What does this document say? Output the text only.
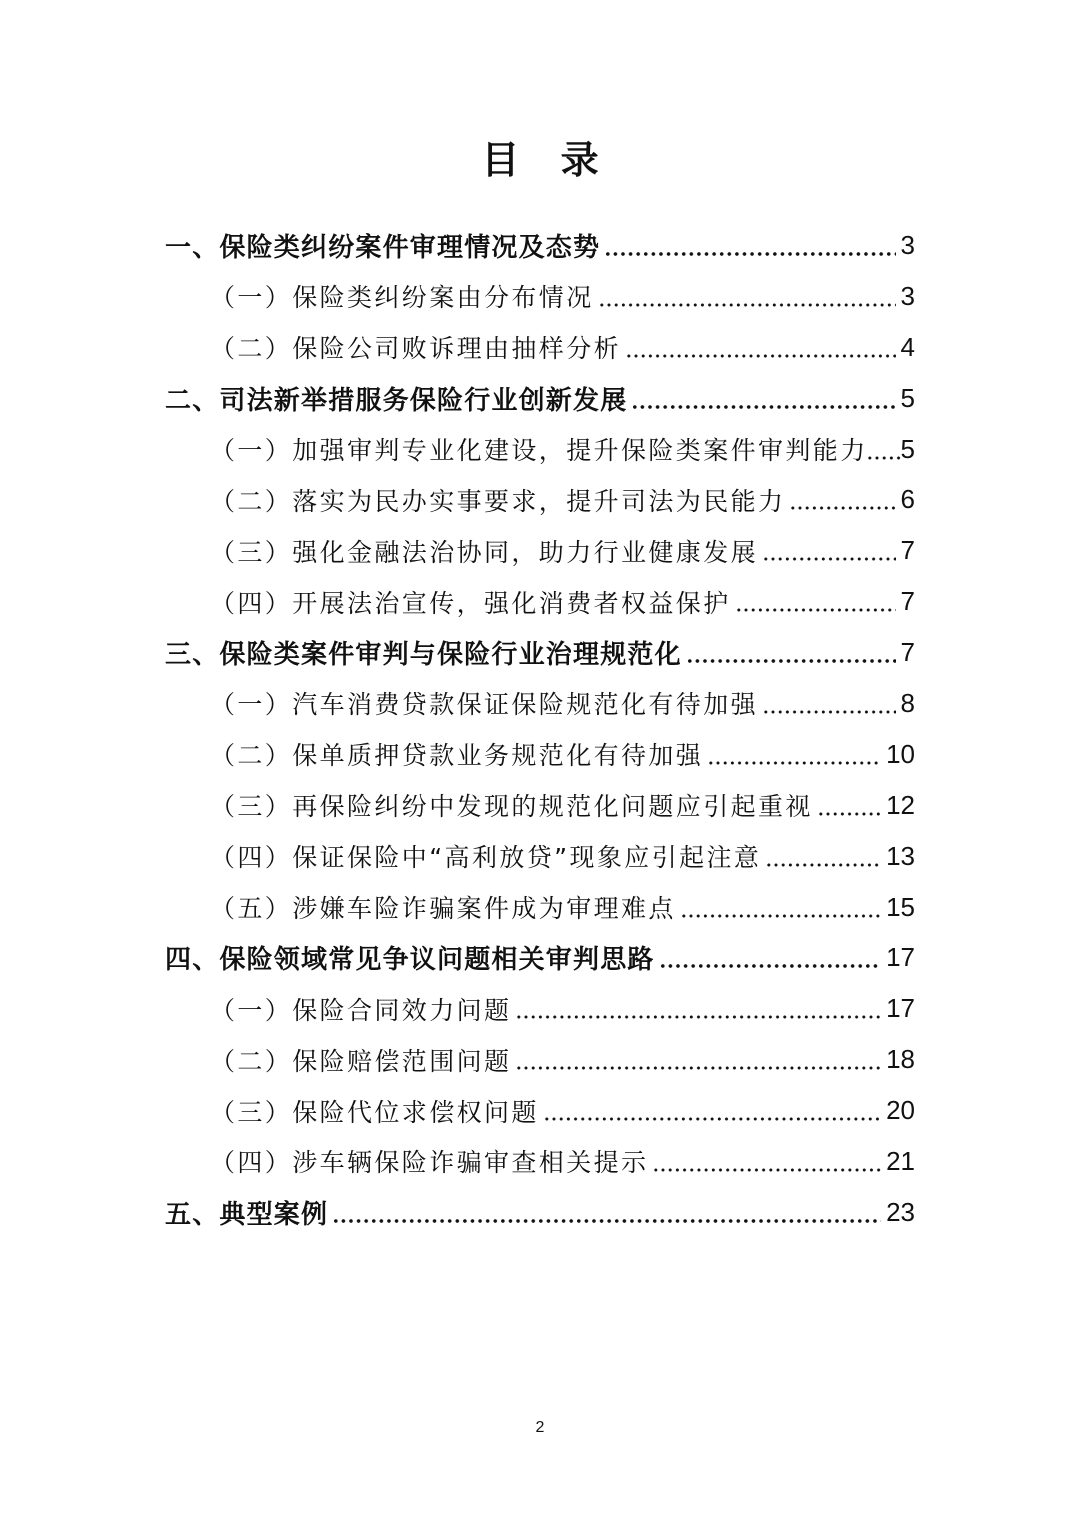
目 录
一、保险类纠纷案件审理情况及态势	3
（一）保险类纠纷案由分布情况	3
（二）保险公司败诉理由抽样分析	4
二、司法新举措服务保险行业创新发展	5
（一）加强审判专业化建设，提升保险类案件审判能力 5
（二）落实为民办实事要求，提升司法为民能力	6
（三）强化金融法治协同，助力行业健康发展	7
（四）开展法治宣传，强化消费者权益保护	7
三、保险类案件审判与保险行业治理规范化	7
（一）汽车消费贷款保证保险规范化有待加强	8
（二）保单质押贷款业务规范化有待加强	10
（三）再保险纠纷中发现的规范化问题应引起重视	12
（四）保证保险中“高利放贷”现象应引起注意	13
（五）涉嫌车险诈骗案件成为审理难点	15
四、保险领域常见争议问题相关审判思路	17
（一）保险合同效力问题	17
（二）保险赔偿范围问题	18
（三）保险代位求偿权问题	20
（四）涉车辆保险诈骗审查相关提示	21
五、典型案例	23
2
